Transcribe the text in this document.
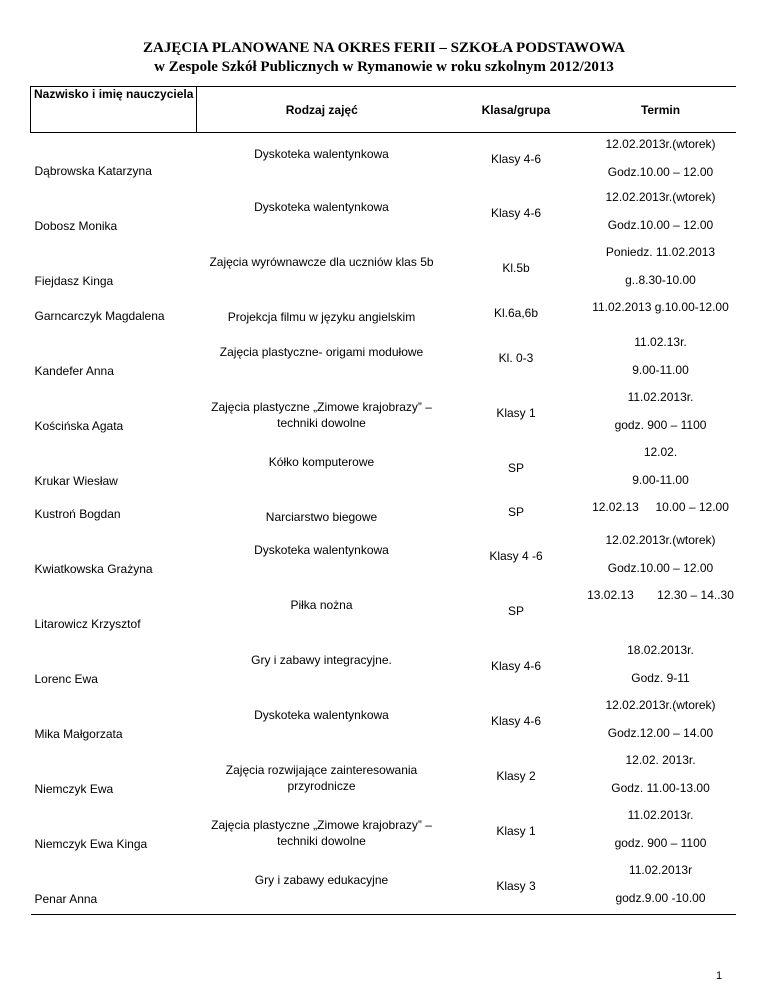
ZAJĘCIA PLANOWANE NA OKRES FERII – SZKOŁA PODSTAWOWA
w Zespole Szkół Publicznych w Rymanowie w roku szkolnym 2012/2013
Nazwisko i imię nauczyciela	Rodzaj zajęć	Klasa/grupa	Termin
Dąbrowska Katarzyna	Dyskoteka walentynkowa	Klasy 4-6	12.02.2013r.(wtorek)
Godz.10.00 – 12.00

Dobosz Monika	Dyskoteka walentynkowa	Klasy 4-6	12.02.2013r.(wtorek)
Godz.10.00 – 12.00

Fiejdasz Kinga	Zajęcia wyrównawcze dla uczniów klas 5b	Kl.5b	Poniedz. 11.02.2013
g..8.30-10.00

Garncarczyk Magdalena	Projekcja filmu w języku angielskim	Kl.6a,6b	11.02.2013 g.10.00-12.00

Kandefer Anna	Zajęcia plastyczne- origami modułowe	Kl. 0-3	11.02.13r.
9.00-11.00

Kościńska Agata	Zajęcia plastyczne „Zimowe krajobrazy” – techniki dowolne	Klasy 1	11.02.2013r.
godz. 900 – 1100

Krukar Wiesław	Kółko komputerowe	SP	12.02.
9.00-11.00

Kustroń Bogdan	Narciarstwo biegowe	SP	12.02.13     10.00 – 12.00

Kwiatkowska Grażyna	Dyskoteka walentynkowa	Klasy 4 -6	12.02.2013r.(wtorek)
Godz.10.00 – 12.00

Litarowicz Krzysztof	Piłka nożna	SP	13.02.13       12.30 – 14..30

Lorenc Ewa	Gry i zabawy integracyjne.	Klasy 4-6	18.02.2013r.
Godz. 9-11

Mika Małgorzata	Dyskoteka walentynkowa	Klasy 4-6	12.02.2013r.(wtorek)
Godz.12.00 – 14.00

Niemczyk Ewa	Zajęcia rozwijające zainteresowania przyrodnicze	Klasy 2	12.02. 2013r.
Godz. 11.00-13.00

Niemczyk Ewa Kinga	Zajęcia plastyczne „Zimowe krajobrazy” – techniki dowolne	Klasy 1	11.02.2013r.
godz. 900 – 1100

Penar Anna	Gry i zabawy edukacyjne	Klasy 3	11.02.2013r
godz.9.00 -10.00
1
